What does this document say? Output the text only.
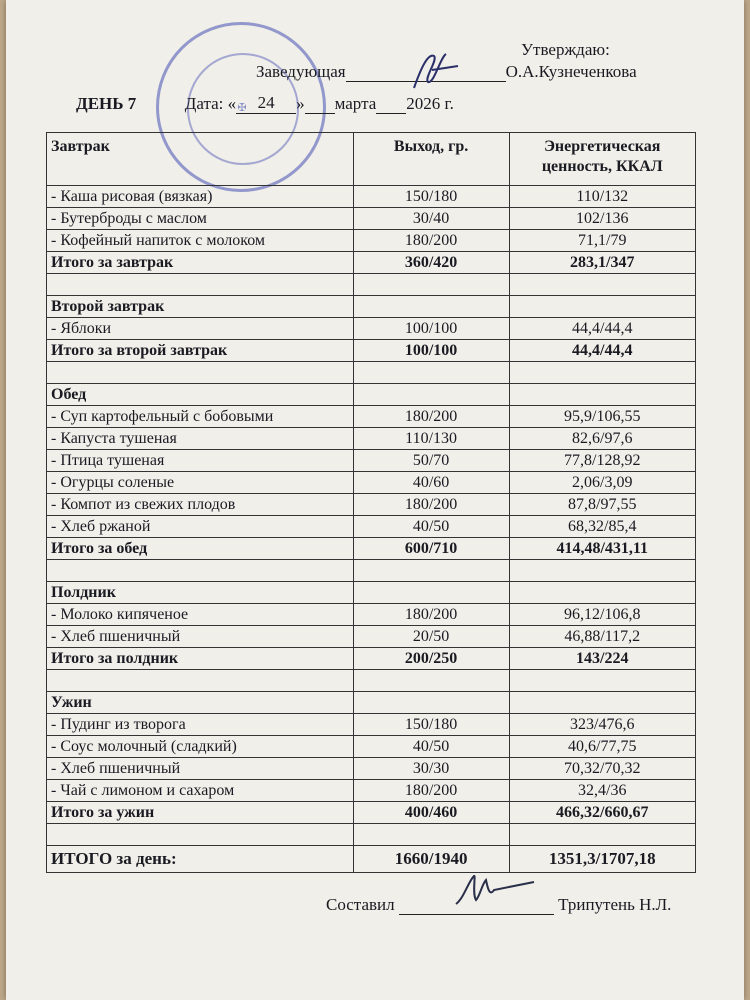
✠
Утверждаю:
Заведующая	О.А.Кузнеченкова
ДЕНЬ 7	Дата: « 24 » марта 2026 г.
Завтрак	Выход, гр.	Энергетическая ценность, ККАЛ
- Каша рисовая (вязкая)	150/180	110/132
- Бутерброды с маслом	30/40	102/136
- Кофейный напиток с молоком	180/200	71,1/79
Итого за завтрак	360/420	283,1/347

Второй завтрак		
- Яблоки	100/100	44,4/44,4
Итого за второй завтрак	100/100	44,4/44,4

Обед		
- Суп картофельный с бобовыми	180/200	95,9/106,55
- Капуста тушеная	110/130	82,6/97,6
- Птица тушеная	50/70	77,8/128,92
- Огурцы соленые	40/60	2,06/3,09
- Компот из свежих плодов	180/200	87,8/97,55
- Хлеб ржаной	40/50	68,32/85,4
Итого за обед	600/710	414,48/431,11

Полдник		
- Молоко кипяченое	180/200	96,12/106,8
- Хлеб пшеничный	20/50	46,88/117,2
Итого за полдник	200/250	143/224

Ужин		
- Пудинг из творога	150/180	323/476,6
- Соус молочный (сладкий)	40/50	40,6/77,75
- Хлеб пшеничный	30/30	70,32/70,32
- Чай с лимоном и сахаром	180/200	32,4/36
Итого за ужин	400/460	466,32/660,67

ИТОГО за день:	1660/1940	1351,3/1707,18
Составил	Трипутень Н.Л.
